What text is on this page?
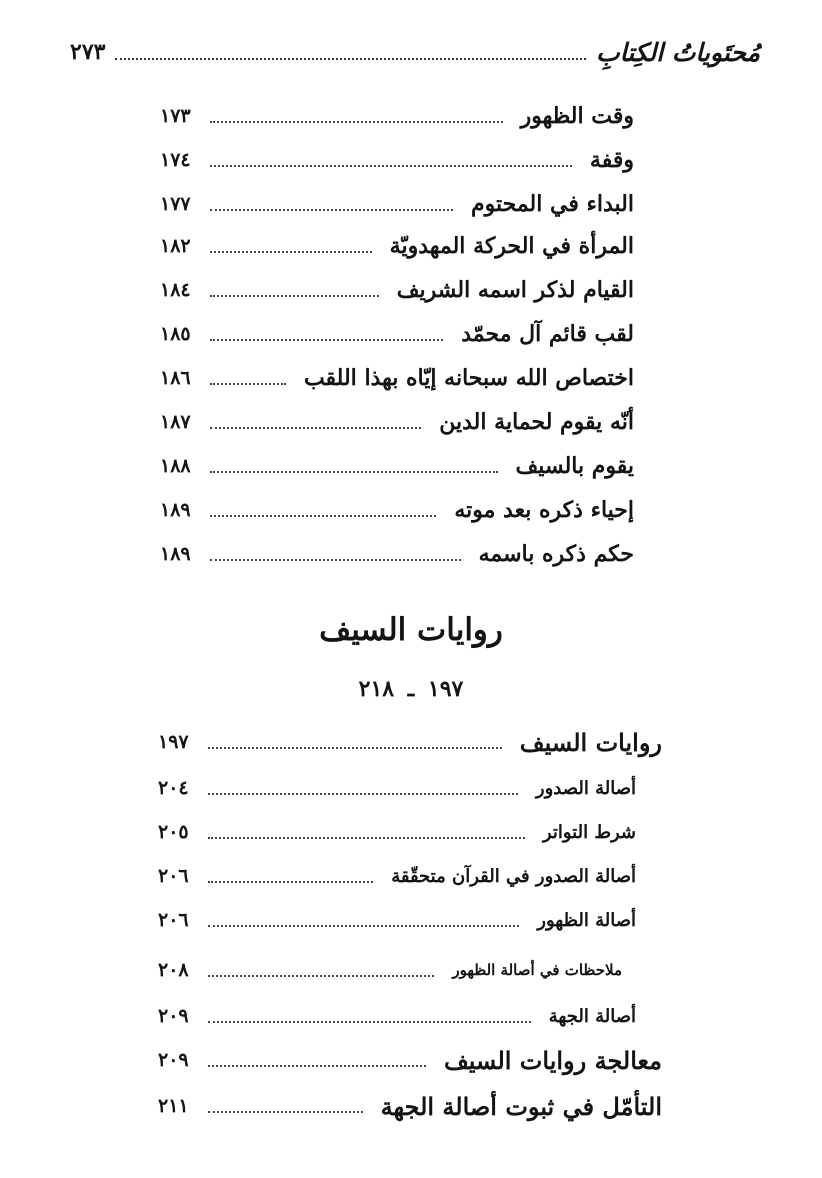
مُحتَوياتُ الكِتابِ
٢٧٣
وقت الظهور
١٧٣
وقفة
١٧٤
البداء في المحتوم
١٧٧
المرأة في الحركة المهدويّة
١٨٢
القيام لذكر اسمه الشريف
١٨٤
لقب قائم آل محمّد
١٨٥
اختصاص الله سبحانه إيّاه بهذا اللقب
١٨٦
أنّه يقوم لحماية الدين
١٨٧
يقوم بالسيف
١٨٨
إحياء ذكره بعد موته
١٨٩
حكم ذكره باسمه
١٨٩
روايات السيف
١٩٧ ـ ٢١٨
روايات السيف
١٩٧
أصالة الصدور
٢٠٤
شرط التواتر
٢٠٥
أصالة الصدور في القرآن متحقّقة
٢٠٦
أصالة الظهور
٢٠٦
ملاحظات في أصالة الظهور
٢٠٨
أصالة الجهة
٢٠٩
معالجة روايات السيف
٢٠٩
التأمّل في ثبوت أصالة الجهة
٢١١
